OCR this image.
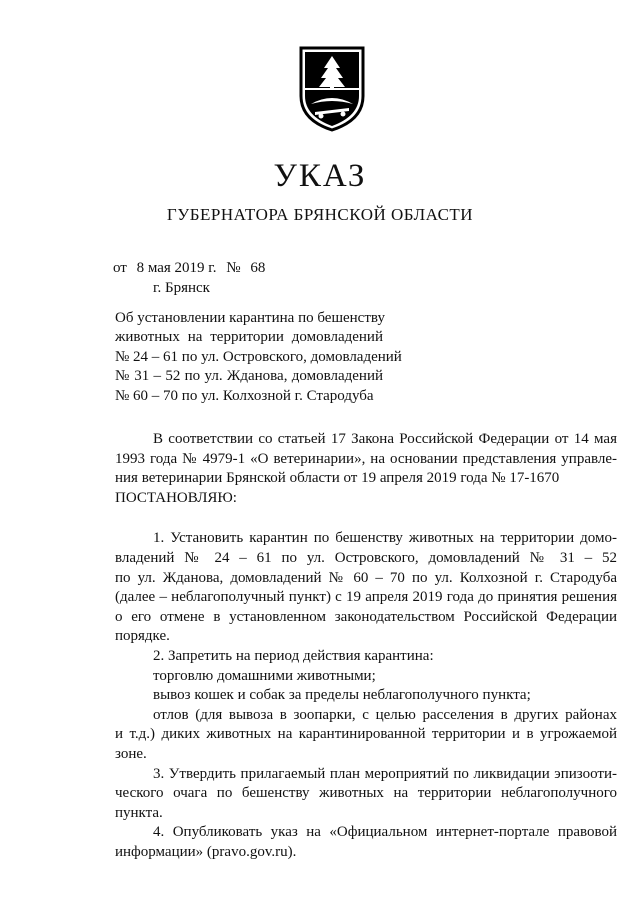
УКАЗ
ГУБЕРНАТОРА БРЯНСКОЙ ОБЛАСТИ
от 8 мая 2019 г. № 68
г. Брянск
Об установлении карантина по бешенству
животных на территории домовладений
№ 24 – 61 по ул. Островского, домовладений
№ 31 – 52 по ул. Жданова, домовладений
№ 60 – 70 по ул. Колхозной г. Стародуба
В соответствии со статьей 17 Закона Российской Федерации от 14 мая
1993 года № 4979-1 «О ветеринарии», на основании представления управле-
ния ветеринарии Брянской области от 19 апреля 2019 года № 17-1670
ПОСТАНОВЛЯЮ:
1. Установить карантин по бешенству животных на территории домо-
владений № 24 – 61 по ул. Островского, домовладений № 31 – 52
по ул. Жданова, домовладений № 60 – 70 по ул. Колхозной г. Стародуба
(далее – неблагополучный пункт) с 19 апреля 2019 года до принятия решения
о его отмене в установленном законодательством Российской Федерации
порядке.
2. Запретить на период действия карантина:
торговлю домашними животными;
вывоз кошек и собак за пределы неблагополучного пункта;
отлов (для вывоза в зоопарки, с целью расселения в других районах
и т.д.) диких животных на карантинированной территории и в угрожаемой
зоне.
3. Утвердить прилагаемый план мероприятий по ликвидации эпизооти-
ческого очага по бешенству животных на территории неблагополучного
пункта.
4. Опубликовать указ на «Официальном интернет-портале правовой
информации» (pravo.gov.ru).
